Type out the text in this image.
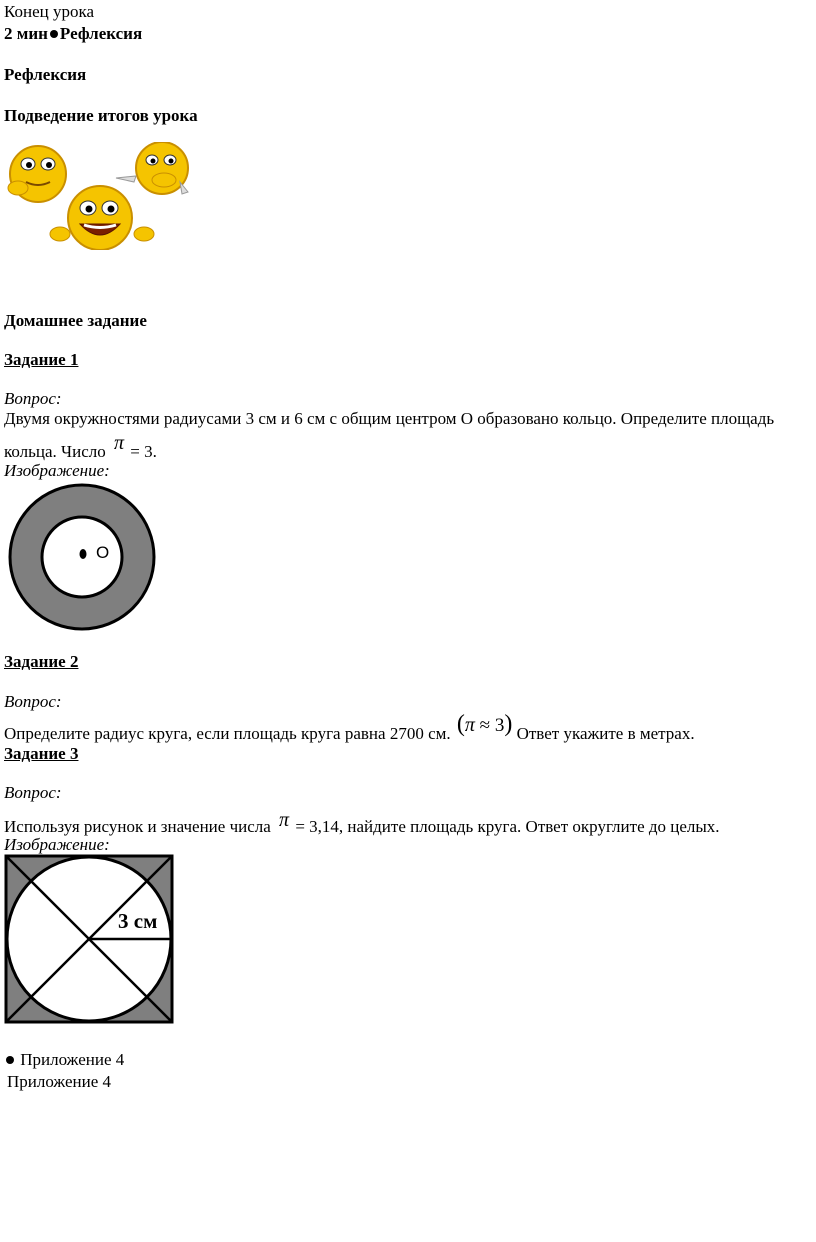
Конец урока
2 мин Рефлексия
Рефлексия
Подведение итогов урока
Домашнее задание
Задание 1
Вопрос:
Двумя окружностями радиусами 3 см и 6 см с общим центром О образовано кольцо. Определите площадь
кольца. Число π = 3.
Изображение:
О
Задание 2
Вопрос:
Определите радиус круга, если площадь круга равна 2700 см. (π ≈ 3) Ответ укажите в метрах.
Задание 3
Вопрос:
Используя рисунок и значение числа π = 3,14, найдите площадь круга. Ответ округлите до целых.
Изображение:
3 см
Приложение 4
Приложение 4
